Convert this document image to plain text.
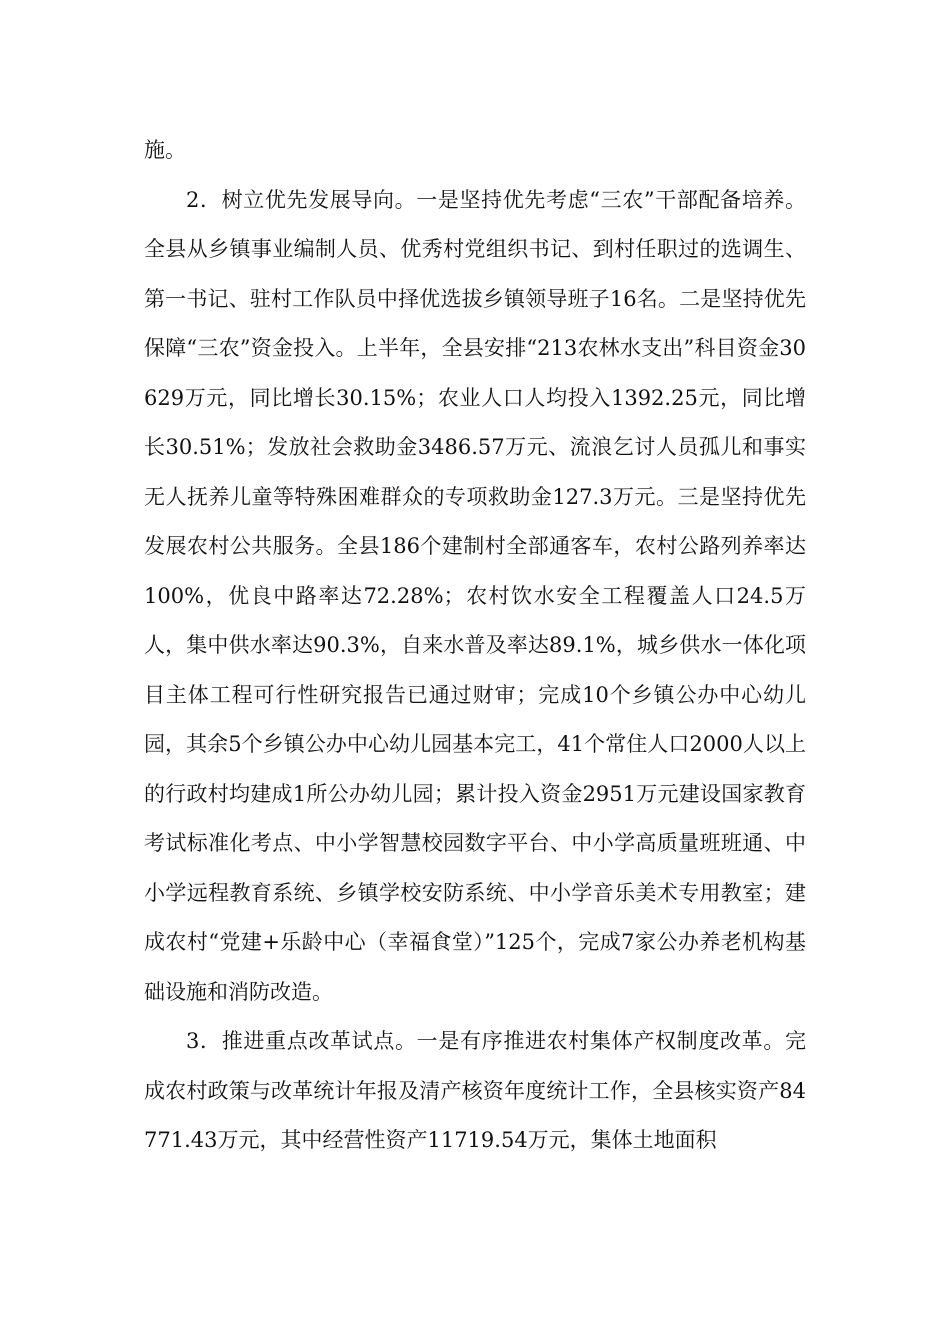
施。

2．树立优先发展导向。一是坚持优先考虑“三农”干部配备培养。全县从乡镇事业编制人员、优秀村党组织书记、到村任职过的选调生、第一书记、驻村工作队员中择优选拔乡镇领导班子16名。二是坚持优先保障“三农”资金投入。上半年，全县安排“213农林水支出”科目资金30629万元，同比增长30.15%；农业人口人均投入1392.25元，同比增长30.51%；发放社会救助金3486.57万元、流浪乞讨人员孤儿和事实无人抚养儿童等特殊困难群众的专项救助金127.3万元。三是坚持优先发展农村公共服务。全县186个建制村全部通客车，农村公路列养率达100%，优良中路率达72.28%；农村饮水安全工程覆盖人口24.5万人，集中供水率达90.3%，自来水普及率达89.1%，城乡供水一体化项目主体工程可行性研究报告已通过财审；完成10个乡镇公办中心幼儿园，其余5个乡镇公办中心幼儿园基本完工，41个常住人口2000人以上的行政村均建成1所公办幼儿园；累计投入资金2951万元建设国家教育考试标准化考点、中小学智慧校园数字平台、中小学高质量班班通、中小学远程教育系统、乡镇学校安防系统、中小学音乐美术专用教室；建成农村“党建+乐龄中心（幸福食堂）”125个，完成7家公办养老机构基础设施和消防改造。

3．推进重点改革试点。一是有序推进农村集体产权制度改革。完成农村政策与改革统计年报及清产核资年度统计工作，全县核实资产84771.43万元，其中经营性资产11719.54万元，集体土地面积
